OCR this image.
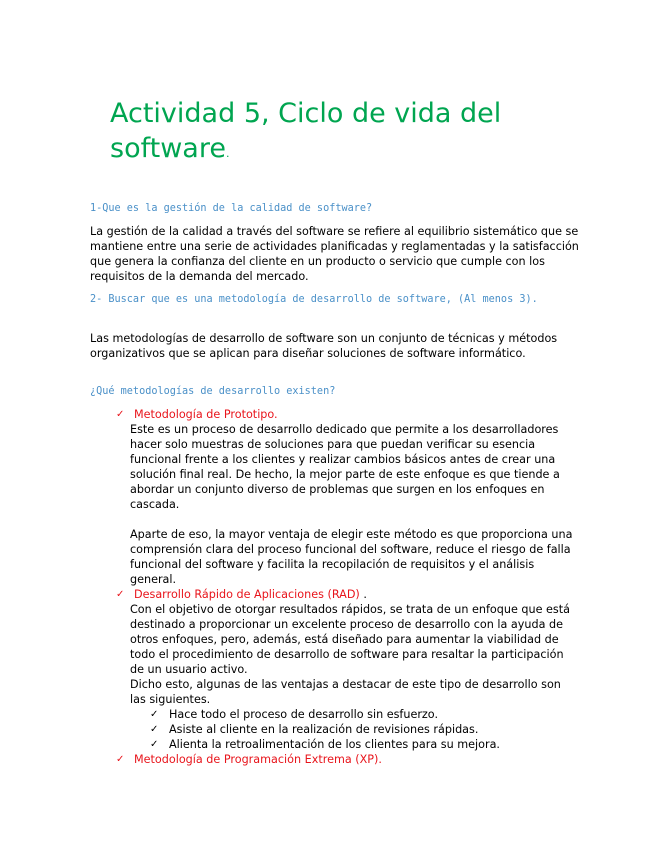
Actividad 5, Ciclo de vida del software.

1-Que es la gestión de la calidad de software?

La gestión de la calidad a través del software se refiere al equilibrio sistemático que se mantiene entre una serie de actividades planificadas y reglamentadas y la satisfacción que genera la confianza del cliente en un producto o servicio que cumple con los requisitos de la demanda del mercado.

2- Buscar que es una metodología de desarrollo de software, (Al menos 3).

Las metodologías de desarrollo de software son un conjunto de técnicas y métodos organizativos que se aplican para diseñar soluciones de software informático.

¿Qué metodologías de desarrollo existen?

✓ Metodología de Prototipo.

Este es un proceso de desarrollo dedicado que permite a los desarrolladores hacer solo muestras de soluciones para que puedan verificar su esencia funcional frente a los clientes y realizar cambios básicos antes de crear una solución final real. De hecho, la mejor parte de este enfoque es que tiende a abordar un conjunto diverso de problemas que surgen en los enfoques en cascada.

Aparte de eso, la mayor ventaja de elegir este método es que proporciona una comprensión clara del proceso funcional del software, reduce el riesgo de falla funcional del software y facilita la recopilación de requisitos y el análisis general.

✓ Desarrollo Rápido de Aplicaciones (RAD) .

Con el objetivo de otorgar resultados rápidos, se trata de un enfoque que está destinado a proporcionar un excelente proceso de desarrollo con la ayuda de otros enfoques, pero, además, está diseñado para aumentar la viabilidad de todo el procedimiento de desarrollo de software para resaltar la participación de un usuario activo.

Dicho esto, algunas de las ventajas a destacar de este tipo de desarrollo son las siguientes.

✓ Hace todo el proceso de desarrollo sin esfuerzo.
✓ Asiste al cliente en la realización de revisiones rápidas.
✓ Alienta la retroalimentación de los clientes para su mejora.
✓ Metodología de Programación Extrema (XP).
